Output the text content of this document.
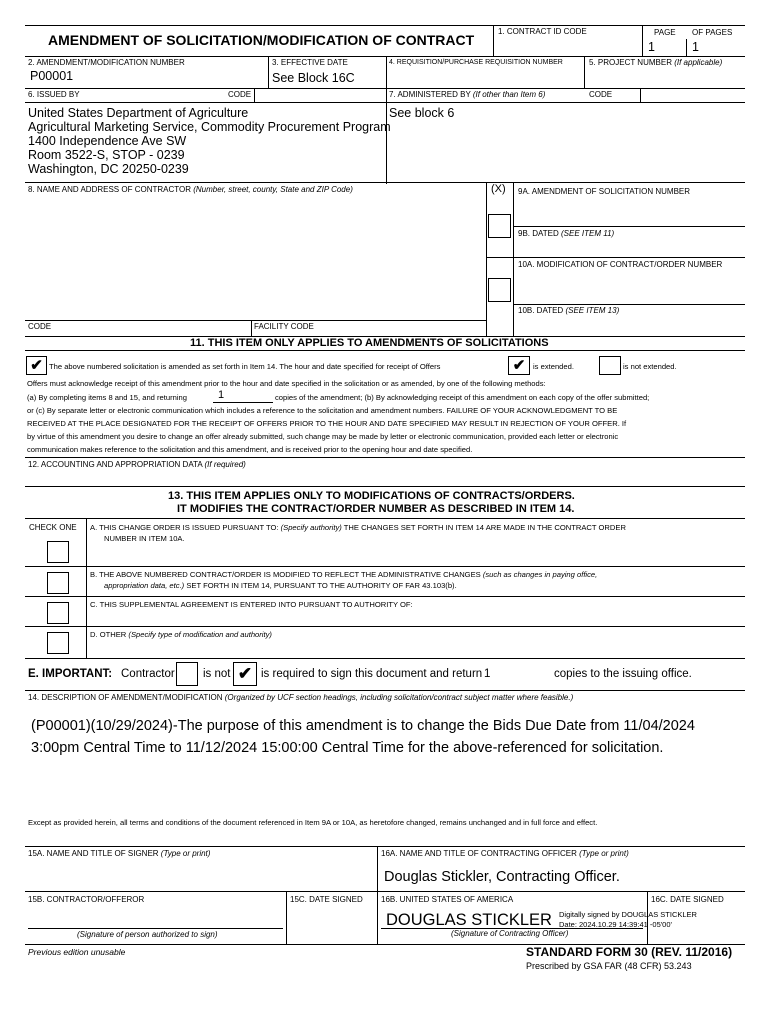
AMENDMENT OF SOLICITATION/MODIFICATION OF CONTRACT
1. CONTRACT ID CODE	PAGE OF PAGES
1	1
2. AMENDMENT/MODIFICATION NUMBER
P00001
3. EFFECTIVE DATE
See Block 16C
4. REQUISITION/PURCHASE REQUISITION NUMBER	5. PROJECT NUMBER (If applicable)
6. ISSUED BY	CODE	7. ADMINISTERED BY (If other than Item 6)	CODE
United States Department of Agriculture
Agricultural Marketing Service, Commodity Procurement Program
1400 Independence Ave SW
Room 3522-S, STOP - 0239
Washington, DC 20250-0239
See block 6
8. NAME AND ADDRESS OF CONTRACTOR (Number, street, county, State and ZIP Code)	(X) 9A. AMENDMENT OF SOLICITATION NUMBER
9B. DATED (SEE ITEM 11)
10A. MODIFICATION OF CONTRACT/ORDER NUMBER
10B. DATED (SEE ITEM 13)
CODE	FACILITY CODE
11. THIS ITEM ONLY APPLIES TO AMENDMENTS OF SOLICITATIONS
✔ The above numbered solicitation is amended as set forth in Item 14. The hour and date specified for receipt of Offers	✔	is extended.	is not extended.
Offers must acknowledge receipt of this amendment prior to the hour and date specified in the solicitation or as amended, by one of the following methods:
(a) By completing items 8 and 15, and returning	1	copies of the amendment; (b) By acknowledging receipt of this amendment on each copy of the offer submitted;
or (c) By separate letter or electronic communication which includes a reference to the solicitation and amendment numbers. FAILURE OF YOUR ACKNOWLEDGMENT TO BE
RECEIVED AT THE PLACE DESIGNATED FOR THE RECEIPT OF OFFERS PRIOR TO THE HOUR AND DATE SPECIFIED MAY RESULT IN REJECTION OF YOUR OFFER. If
by virtue of this amendment you desire to change an offer already submitted, such change may be made by letter or electronic communication, provided each letter or electronic
communication makes reference to the solicitation and this amendment, and is received prior to the opening hour and date specified.
12. ACCOUNTING AND APPROPRIATION DATA (If required)
13. THIS ITEM APPLIES ONLY TO MODIFICATIONS OF CONTRACTS/ORDERS.
IT MODIFIES THE CONTRACT/ORDER NUMBER AS DESCRIBED IN ITEM 14.
CHECK ONE A. THIS CHANGE ORDER IS ISSUED PURSUANT TO: (Specify authority) THE CHANGES SET FORTH IN ITEM 14 ARE MADE IN THE CONTRACT ORDER
NUMBER IN ITEM 10A.
B. THE ABOVE NUMBERED CONTRACT/ORDER IS MODIFIED TO REFLECT THE ADMINISTRATIVE CHANGES (such as changes in paying office,
appropriation data, etc.) SET FORTH IN ITEM 14, PURSUANT TO THE AUTHORITY OF FAR 43.103(b).
C. THIS SUPPLEMENTAL AGREEMENT IS ENTERED INTO PURSUANT TO AUTHORITY OF:
D. OTHER (Specify type of modification and authority)
E. IMPORTANT: Contractor is not ✔ is required to sign this document and return 1	copies to the issuing office.
14. DESCRIPTION OF AMENDMENT/MODIFICATION (Organized by UCF section headings, including solicitation/contract subject matter where feasible.)
(P00001)(10/29/2024)-The purpose of this amendment is to change the Bids Due Date from 11/04/2024
3:00pm Central Time to 11/12/2024 15:00:00 Central Time for the above-referenced for solicitation.
Except as provided herein, all terms and conditions of the document referenced in Item 9A or 10A, as heretofore changed, remains unchanged and in full force and effect.
15A. NAME AND TITLE OF SIGNER (Type or print)	16A. NAME AND TITLE OF CONTRACTING OFFICER (Type or print)
Douglas Stickler, Contracting Officer.
15B. CONTRACTOR/OFFEROR	15C. DATE SIGNED 16B. UNITED STATES OF AMERICA	16C. DATE SIGNED
DOUGLAS STICKLER Digitally signed by DOUGLAS STICKLER
Date: 2024.10.29 14:39:41 -05'00'
(Signature of person authorized to sign)	(Signature of Contracting Officer)
Previous edition unusable	STANDARD FORM 30 (REV. 11/2016)
Prescribed by GSA FAR (48 CFR) 53.243
